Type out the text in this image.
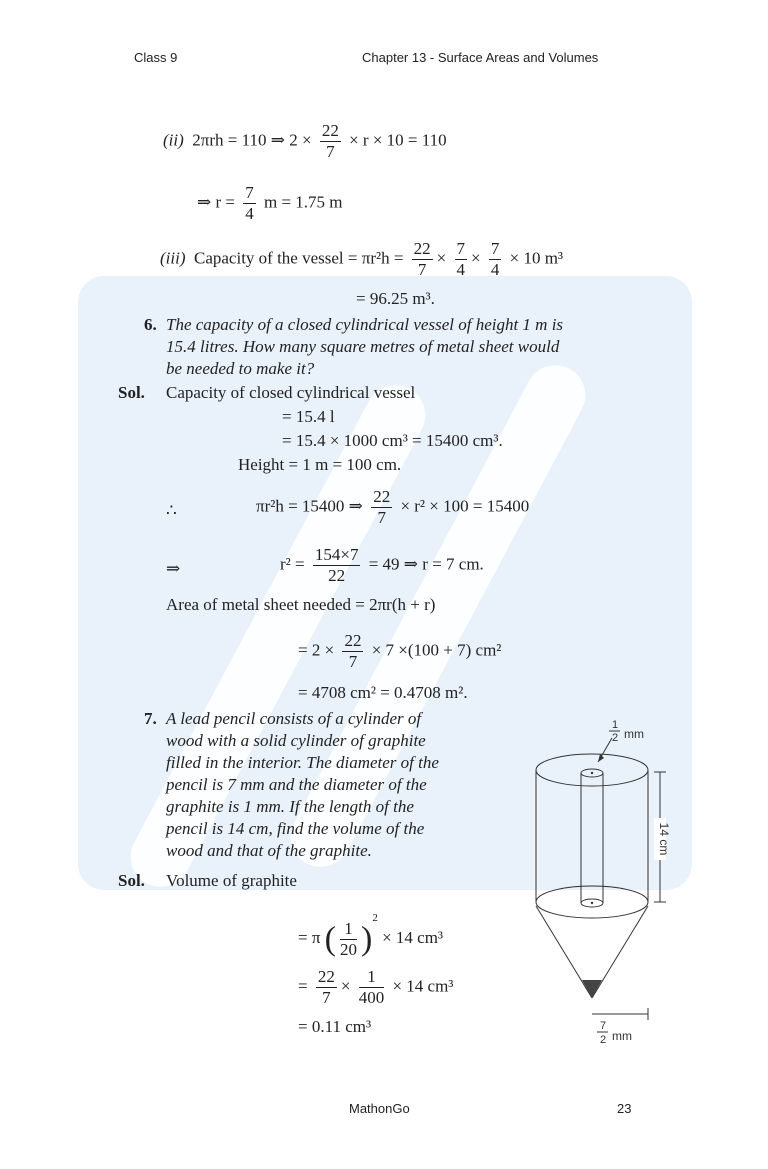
Class 9	Chapter 13 - Surface Areas and Volumes
(ii) 2πrh = 110 ⇒ $2 \times \frac{22}{7} \times r \times 10 = 110$
⇒ $r = \frac{7}{4}$ m = 1.75 m
(iii) Capacity of the vessel = $\pi r^2h = \frac{22}{7} \times \frac{7}{4} \times \frac{7}{4} \times 10$ m³
= 96.25 m³.
6. The capacity of a closed cylindrical vessel of height 1 m is
15.4 litres. How many square metres of metal sheet would
be needed to make it?
Sol. Capacity of closed cylindrical vessel
= 15.4 l
= 15.4 × 1000 cm³ = 15400 cm³.
Height = 1 m = 100 cm.
∴	πr²h = 15400 ⇒ $\frac{22}{7} \times r^2 \times 100 = 15400$
⇒	$r^2 = \frac{154\times 7}{22} = 49$ ⇒ r = 7 cm.
Area of metal sheet needed = 2πr(h + r)
= $2 \times \frac{22}{7} \times 7 \times(100 + 7)$ cm²
= 4708 cm² = 0.4708 m².
7. A lead pencil consists of a cylinder of
wood with a solid cylinder of graphite
filled in the interior. The diameter of the
pencil is 7 mm and the diameter of the
graphite is 1 mm. If the length of the
pencil is 14 cm, find the volume of the
wood and that of the graphite.
Sol. Volume of graphite
= π ( $\frac{1}{20} )^2 \times 14$ cm³
= $\frac{22}{7} \times \frac{1}{400} \times 14$ cm³
= 0.11 cm³
14 cm
1
2 mm
7
2 mm
MathonGo	23
